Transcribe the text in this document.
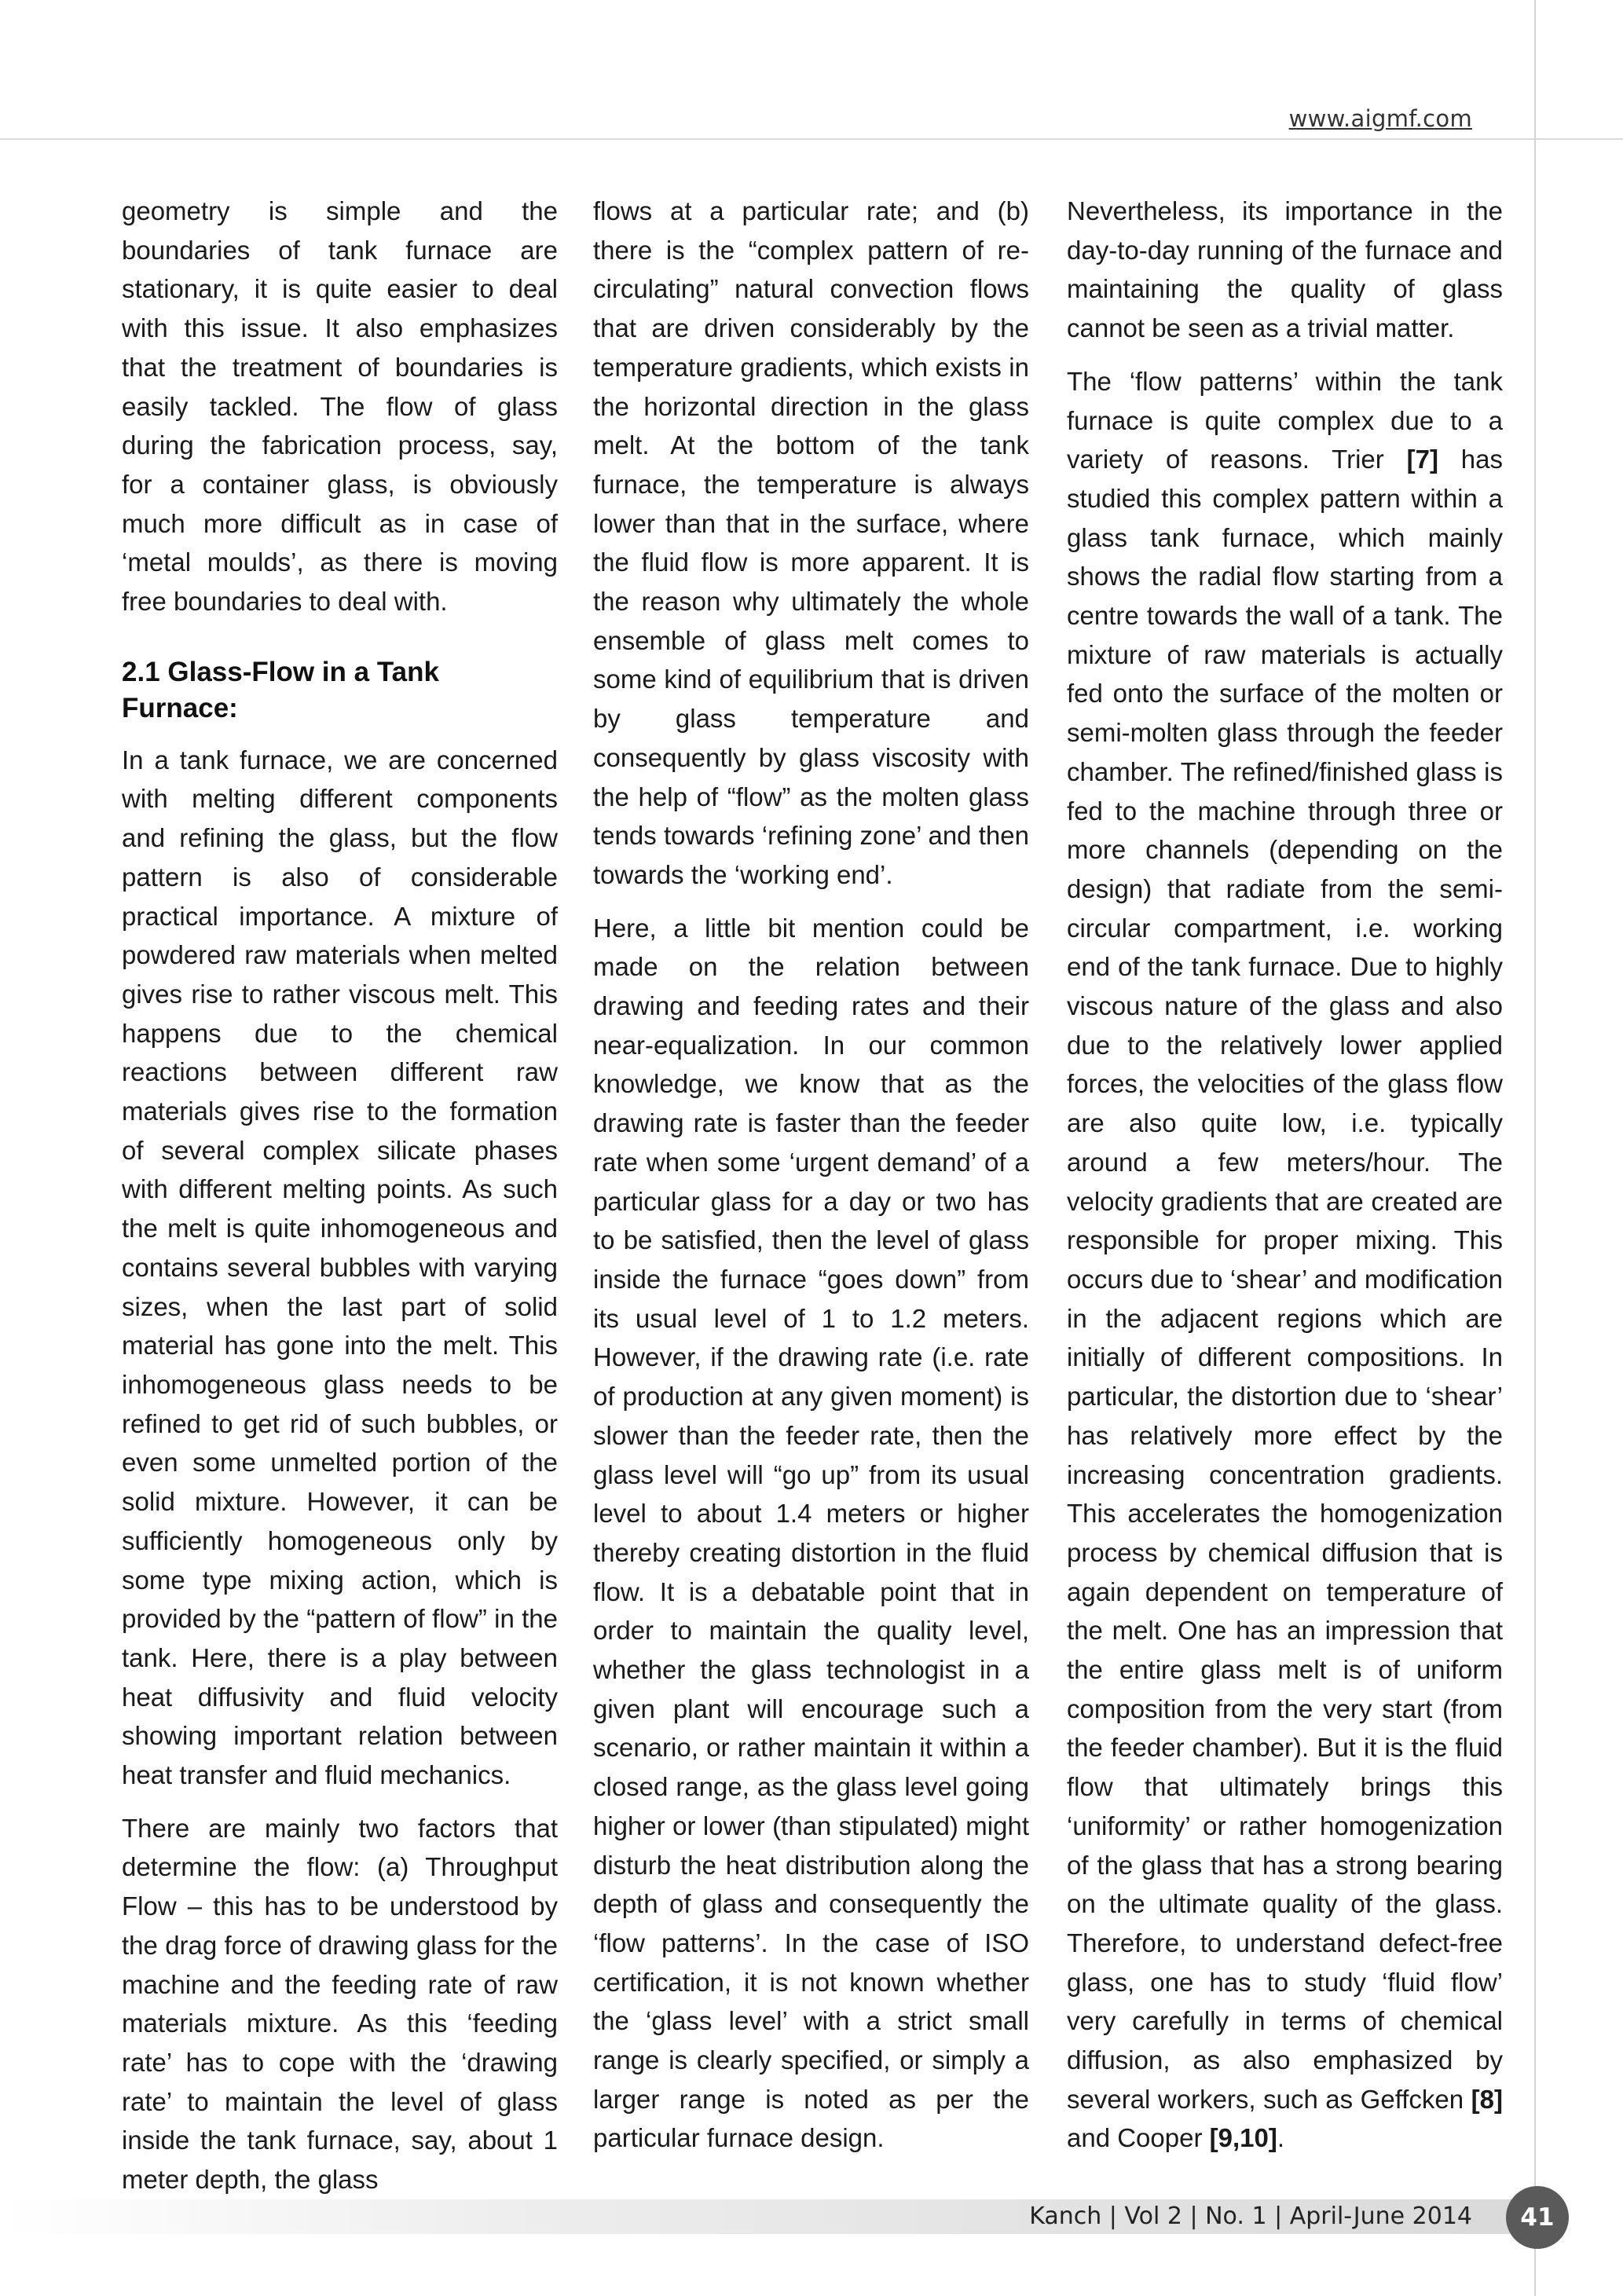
www.aigmf.com

geometry is simple and the boundaries of tank furnace are stationary, it is quite easier to deal with this issue. It also emphasizes that the treatment of boundaries is easily tackled. The flow of glass during the fabrication process, say, for a container glass, is obviously much more difficult as in case of ‘metal moulds’, as there is moving free boundaries to deal with.

2.1 Glass-Flow in a Tank Furnace:

In a tank furnace, we are concerned with melting different components and refining the glass, but the flow pattern is also of considerable practical importance. A mixture of powdered raw materials when melted gives rise to rather viscous melt. This happens due to the chemical reactions between different raw materials gives rise to the formation of several complex silicate phases with different melting points. As such the melt is quite inhomogeneous and contains several bubbles with varying sizes, when the last part of solid material has gone into the melt. This inhomogeneous glass needs to be refined to get rid of such bubbles, or even some unmelted portion of the solid mixture. However, it can be sufficiently homogeneous only by some type mixing action, which is provided by the “pattern of flow” in the tank. Here, there is a play between heat diffusivity and fluid velocity showing important relation between heat transfer and fluid mechanics.

There are mainly two factors that determine the flow: (a) Throughput Flow – this has to be understood by the drag force of drawing glass for the machine and the feeding rate of raw materials mixture. As this ‘feeding rate’ has to cope with the ‘drawing rate’ to maintain the level of glass inside the tank furnace, say, about 1 meter depth, the glass

flows at a particular rate; and (b) there is the “complex pattern of re-circulating” natural convection flows that are driven considerably by the temperature gradients, which exists in the horizontal direction in the glass melt. At the bottom of the tank furnace, the temperature is always lower than that in the surface, where the fluid flow is more apparent. It is the reason why ultimately the whole ensemble of glass melt comes to some kind of equilibrium that is driven by glass temperature and consequently by glass viscosity with the help of “flow” as the molten glass tends towards ‘refining zone’ and then towards the ‘working end’.

Here, a little bit mention could be made on the relation between drawing and feeding rates and their near-equalization. In our common knowledge, we know that as the drawing rate is faster than the feeder rate when some ‘urgent demand’ of a particular glass for a day or two has to be satisfied, then the level of glass inside the furnace “goes down” from its usual level of 1 to 1.2 meters. However, if the drawing rate (i.e. rate of production at any given moment) is slower than the feeder rate, then the glass level will “go up” from its usual level to about 1.4 meters or higher thereby creating distortion in the fluid flow. It is a debatable point that in order to maintain the quality level, whether the glass technologist in a given plant will encourage such a scenario, or rather maintain it within a closed range, as the glass level going higher or lower (than stipulated) might disturb the heat distribution along the depth of glass and consequently the ‘flow patterns’. In the case of ISO certification, it is not known whether the ‘glass level’ with a strict small range is clearly specified, or simply a larger range is noted as per the particular furnace design.

Nevertheless, its importance in the day-to-day running of the furnace and maintaining the quality of glass cannot be seen as a trivial matter.

The ‘flow patterns’ within the tank furnace is quite complex due to a variety of reasons. Trier [7] has studied this complex pattern within a glass tank furnace, which mainly shows the radial flow starting from a centre towards the wall of a tank. The mixture of raw materials is actually fed onto the surface of the molten or semi-molten glass through the feeder chamber. The refined/finished glass is fed to the machine through three or more channels (depending on the design) that radiate from the semi-circular compartment, i.e. working end of the tank furnace. Due to highly viscous nature of the glass and also due to the relatively lower applied forces, the velocities of the glass flow are also quite low, i.e. typically around a few meters/hour. The velocity gradients that are created are responsible for proper mixing. This occurs due to ‘shear’ and modification in the adjacent regions which are initially of different compositions. In particular, the distortion due to ‘shear’ has relatively more effect by the increasing concentration gradients. This accelerates the homogenization process by chemical diffusion that is again dependent on temperature of the melt. One has an impression that the entire glass melt is of uniform composition from the very start (from the feeder chamber). But it is the fluid flow that ultimately brings this ‘uniformity’ or rather homogenization of the glass that has a strong bearing on the ultimate quality of the glass. Therefore, to understand defect-free glass, one has to study ‘fluid flow’ very carefully in terms of chemical diffusion, as also emphasized by several workers, such as Geffcken [8] and Cooper [9,10].

Kanch | Vol 2 | No. 1 | April-June 2014	41
